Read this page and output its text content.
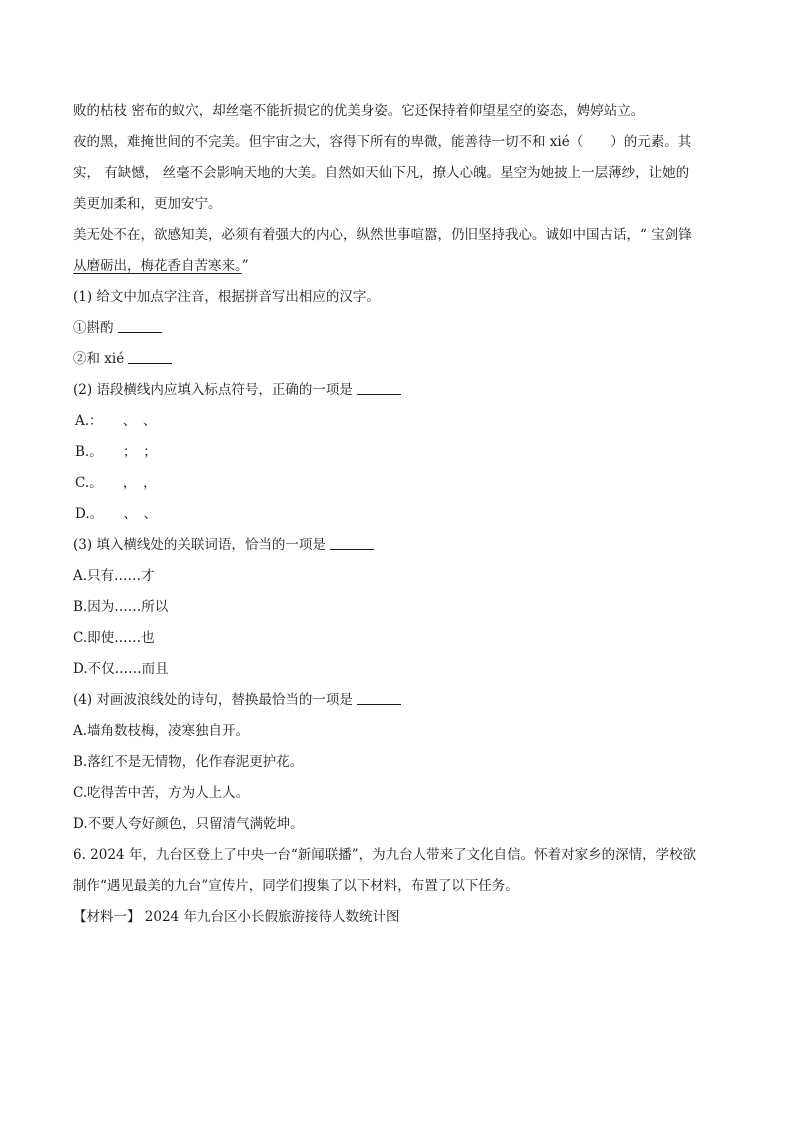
败的枯枝 密布的蚁穴，却丝毫不能折损它的优美身姿。它还保持着仰望星空的姿态，娉婷站立。
夜的黑，难掩世间的不完美。但宇宙之大，容得下所有的卑微，能善待一切不和 xié（　　）的元素。其
实， 有缺憾， 丝毫不会影响天地的大美。自然如天仙下凡，撩人心魄。星空为她披上一层薄纱，让她的
美更加柔和，更加安宁。
美无处不在，欲感知美，必须有着强大的内心，纵然世事喧嚣，仍旧坚持我心。诚如中国古话，“ 宝剑锋
从磨砺出，梅花香自苦寒来。”
(1) 给文中加点字注音，根据拼音写出相应的汉字。
①斟酌
②和 xié
(2) 语段横线内应填入标点符号，正确的一项是
A.：　　、　、
B.。　　；　；
C.。　　，　，
D.。　　、　、
(3) 填入横线处的关联词语，恰当的一项是
A.只有……才
B.因为……所以
C.即使……也
D.不仅……而且
(4) 对画波浪线处的诗句，替换最恰当的一项是
A.墙角数枝梅，凌寒独自开。
B.落红不是无情物，化作春泥更护花。
C.吃得苦中苦，方为人上人。
D.不要人夸好颜色，只留清气满乾坤。
6. 2024 年，九台区登上了中央一台“新闻联播”，为九台人带来了文化自信。怀着对家乡的深情，学校欲
制作“遇见最美的九台”宣传片，同学们搜集了以下材料，布置了以下任务。
【材料一】 2024 年九台区小长假旅游接待人数统计图
